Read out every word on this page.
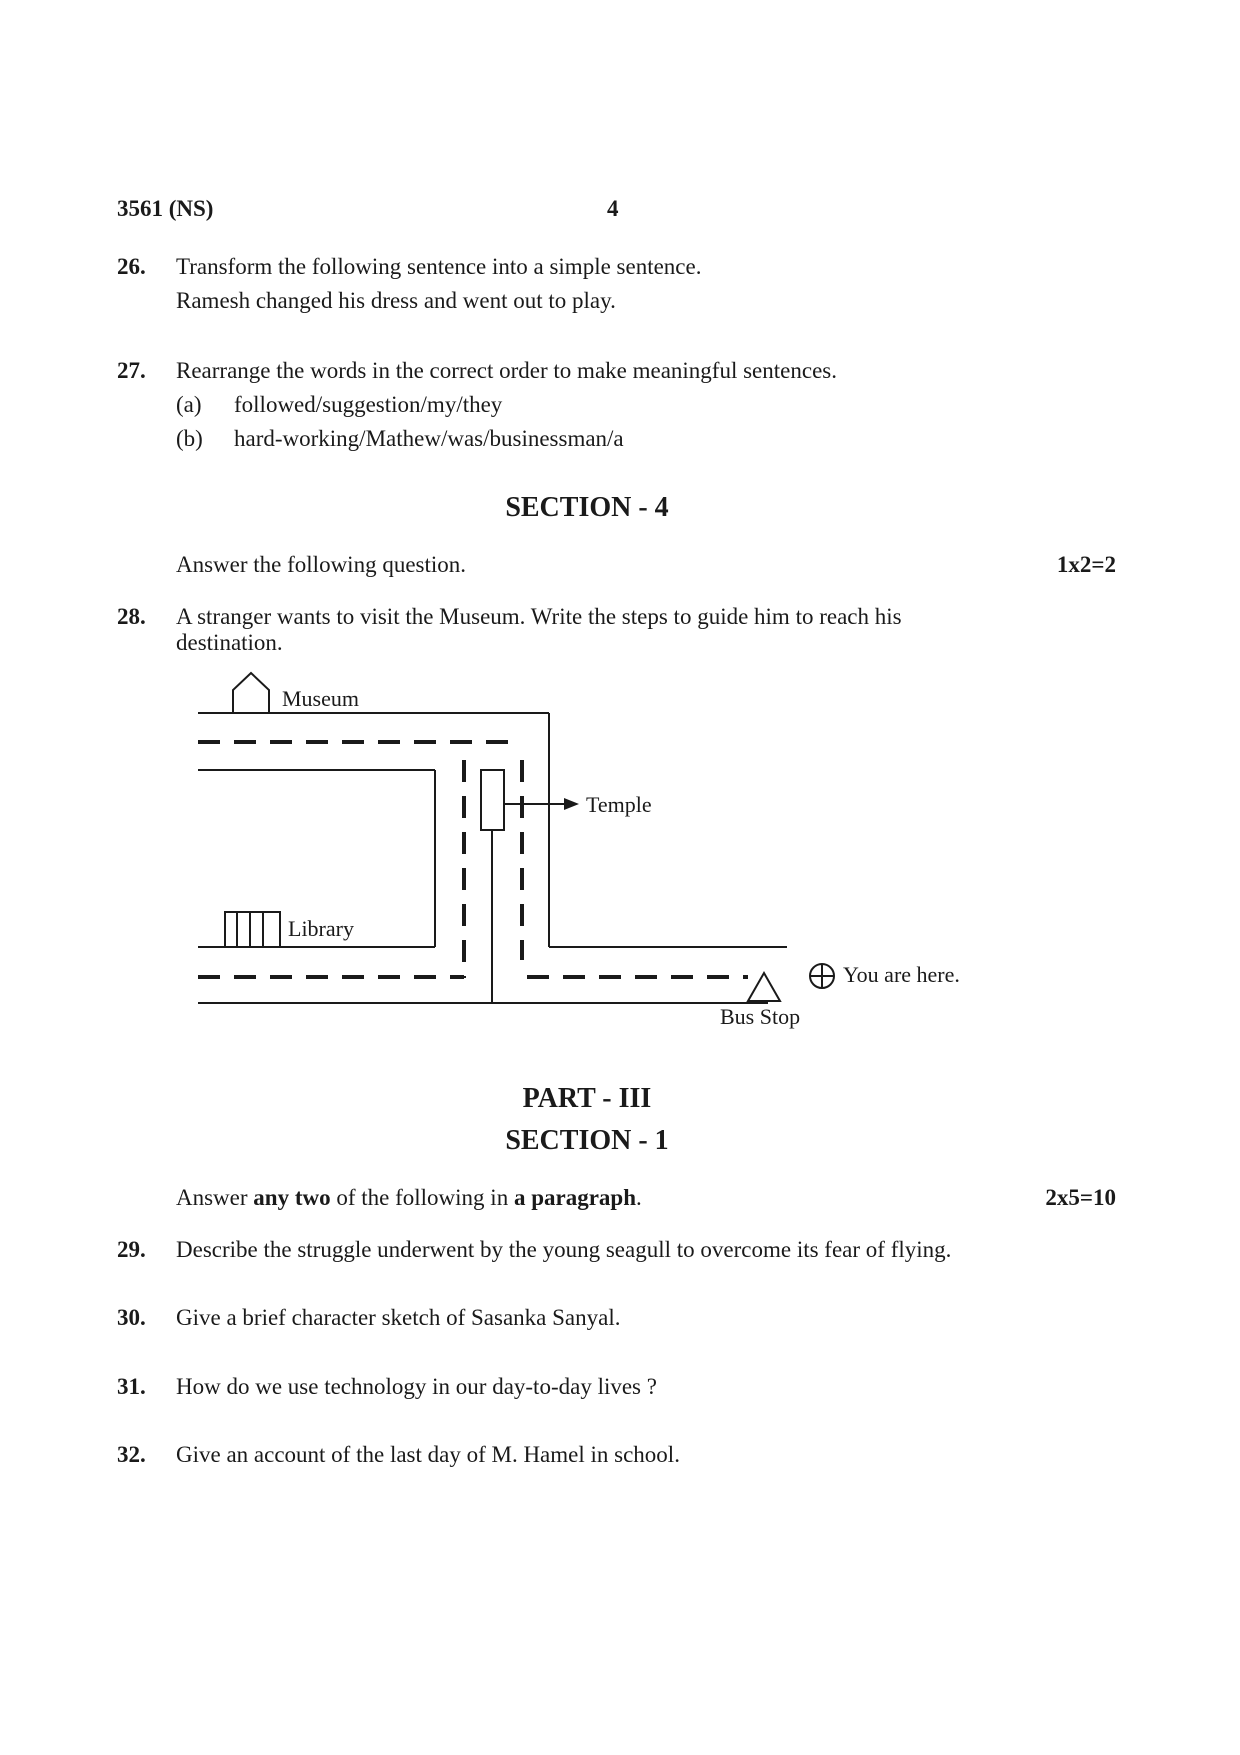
3561 (NS)	4
26. Transform the following sentence into a simple sentence.
Ramesh changed his dress and went out to play.
27. Rearrange the words in the correct order to make meaningful sentences.
(a) followed/suggestion/my/they
(b) hard-working/Mathew/was/businessman/a
SECTION - 4
Answer the following question.	1x2=2
28. A stranger wants to visit the Museum. Write the steps to guide him to reach his
destination.
Museum
Temple
Library
You are here.
Bus Stop
PART - III
SECTION - 1
Answer any two of the following in a paragraph.	2x5=10
29. Describe the struggle underwent by the young seagull to overcome its fear of flying.
30. Give a brief character sketch of Sasanka Sanyal.
31. How do we use technology in our day-to-day lives ?
32. Give an account of the last day of M. Hamel in school.
